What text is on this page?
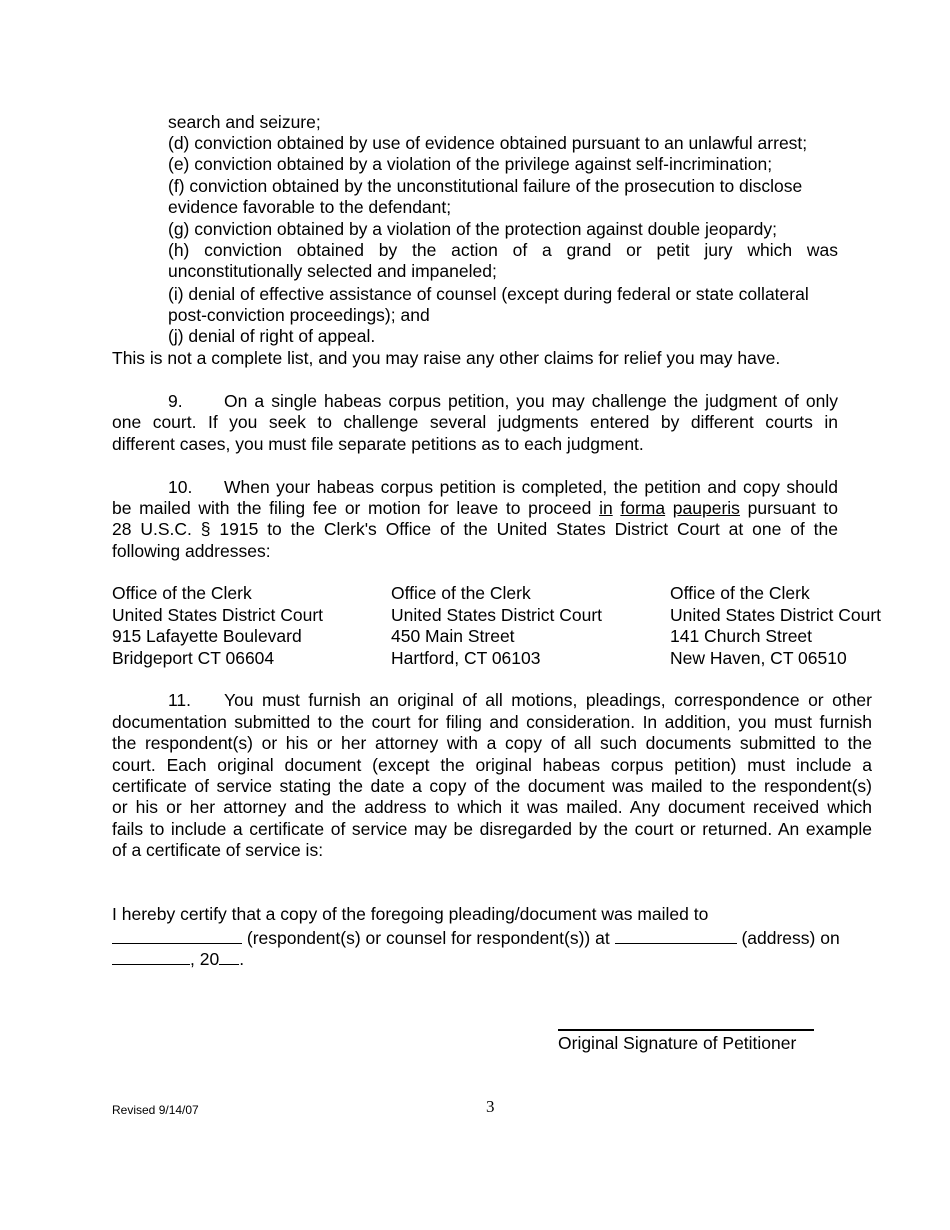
search and seizure;
(d) conviction obtained by use of evidence obtained pursuant to an unlawful arrest;
(e) conviction obtained by a violation of the privilege against self-incrimination;
(f) conviction obtained by the unconstitutional failure of the prosecution to disclose
evidence favorable to the defendant;
(g) conviction obtained by a violation of the protection against double jeopardy;
(h) conviction obtained by the action of a grand or petit jury which was
unconstitutionally selected and impaneled;
(i) denial of effective assistance of counsel (except during federal or state collateral
post-conviction proceedings); and
(j) denial of right of appeal.
This is not a complete list, and you may raise any other claims for relief you may have.
9. On a single habeas corpus petition, you may challenge the judgment of only
one court. If you seek to challenge several judgments entered by different courts in
different cases, you must file separate petitions as to each judgment.
10. When your habeas corpus petition is completed, the petition and copy should
be mailed with the filing fee or motion for leave to proceed in forma pauperis pursuant to
28 U.S.C. § 1915 to the Clerk's Office of the United States District Court at one of the
following addresses:
Office of the Clerk
United States District Court
915 Lafayette Boulevard
Bridgeport CT 06604
Office of the Clerk
United States District Court
450 Main Street
Hartford, CT 06103
Office of the Clerk
United States District Court
141 Church Street
New Haven, CT 06510
11. You must furnish an original of all motions, pleadings, correspondence or other
documentation submitted to the court for filing and consideration. In addition, you must furnish
the respondent(s) or his or her attorney with a copy of all such documents submitted to the
court. Each original document (except the original habeas corpus petition) must include a
certificate of service stating the date a copy of the document was mailed to the respondent(s)
or his or her attorney and the address to which it was mailed. Any document received which
fails to include a certificate of service may be disregarded by the court or returned. An example
of a certificate of service is:
I hereby certify that a copy of the foregoing pleading/document was mailed to
(respondent(s) or counsel for respondent(s)) at	(address) on
, 20 .
Original Signature of Petitioner
Revised 9/14/07	3
